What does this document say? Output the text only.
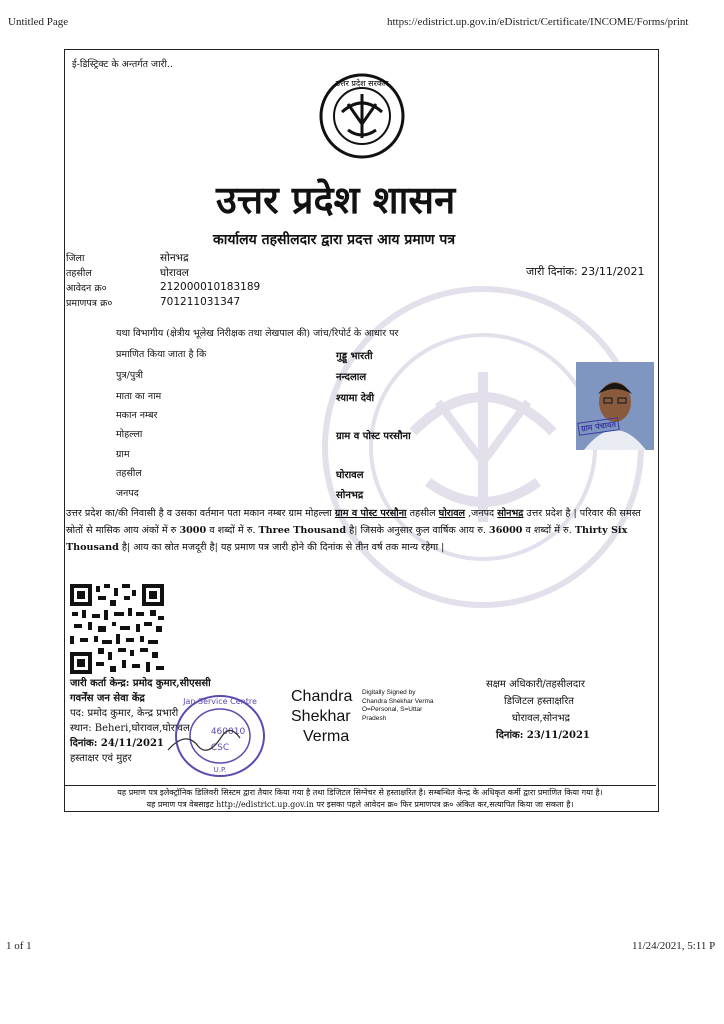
Untitled Page	https://edistrict.up.gov.in/eDistrict/Certificate/INCOME/Forms/print
1 of 1	11/24/2021, 5:11 P
ई-डिस्ट्रिक्ट के अन्तर्गत जारी..
उत्तर प्रदेश सरकार
उत्तर प्रदेश शासन
कार्यालय तहसीलदार द्वारा प्रदत्त आय प्रमाण पत्र
जिला	सोनभद्र
तहसील	घोरावल
आवेदन क्र०	212000010183189
प्रमाणपत्र क्र०	701211031347
जारी दिनांक: 23/11/2021
यथा विभागीय (क्षेत्रीय भूलेख निरीक्षक तथा लेखपाल की) जांच/रिपोर्ट के आधार पर
प्रमाणित किया जाता है कि	गुड्डू भारती
पुत्र/पुत्री	नन्दलाल
माता का नाम	श्यामा देवी
मकान नम्बर
मोहल्ला	ग्राम व पोस्ट परसौना
ग्राम
तहसील	घोरावल
जनपद	सोनभद्र
ग्राम पंचायत
उत्तर प्रदेश का/की निवासी है व उसका वर्तमान पता मकान नम्बर ग्राम मोहल्ला ग्राम व पोस्ट परसौना तहसील घोरावल ,जनपद सोनभद्र उत्तर प्रदेश है | परिवार की समस्त स्रोतों से मासिक आय अंकों में रु 3000 व शब्दों में रु. Three Thousand है| जिसके अनुसार कुल वार्षिक आय रु. 36000 व शब्दों में रु. Thirty Six Thousand है| आय का स्रोत मजदूरी है| यह प्रमाण पत्र जारी होने की दिनांक से तीन वर्ष तक मान्य रहेगा |
जारी कर्ता केन्द्र: प्रमोद कुमार,सीएससी
गवर्नेंस जन सेवा केंद्र
पद: प्रमोद कुमार, केन्द्र प्रभारी
स्थान: Beheri,घोरावल,घोरावल
दिनांक: 24/11/2021
हस्ताक्षर एवं मुहर
Jan Service Centre
460010
CSC
U.P.
Chandra
Shekhar
Verma
Digitally Signed by
Chandra Shekhar Verma
O=Personal, S=Uttar
Pradesh
सक्षम अधिकारी/तहसीलदार
डिजिटल हस्ताक्षरित
घोरावल,सोनभद्र
दिनांक: 23/11/2021
यह प्रमाण पत्र इलेक्ट्रॉनिक डिलिवरी सिस्टम द्वारा तैयार किया गया है तथा डिजिटल सिग्नेचर से हस्ताक्षरित है। सम्बन्धित केन्द्र के अधिकृत कर्मी द्वारा प्रमाणित किया गया है।
यह प्रमाण पत्र वेबसाइट http://edistrict.up.gov.in पर इसका पहले आवेदन क्र० फिर प्रमाणपत्र क्र० अंकित कर,सत्यापित किया जा सकता है।
